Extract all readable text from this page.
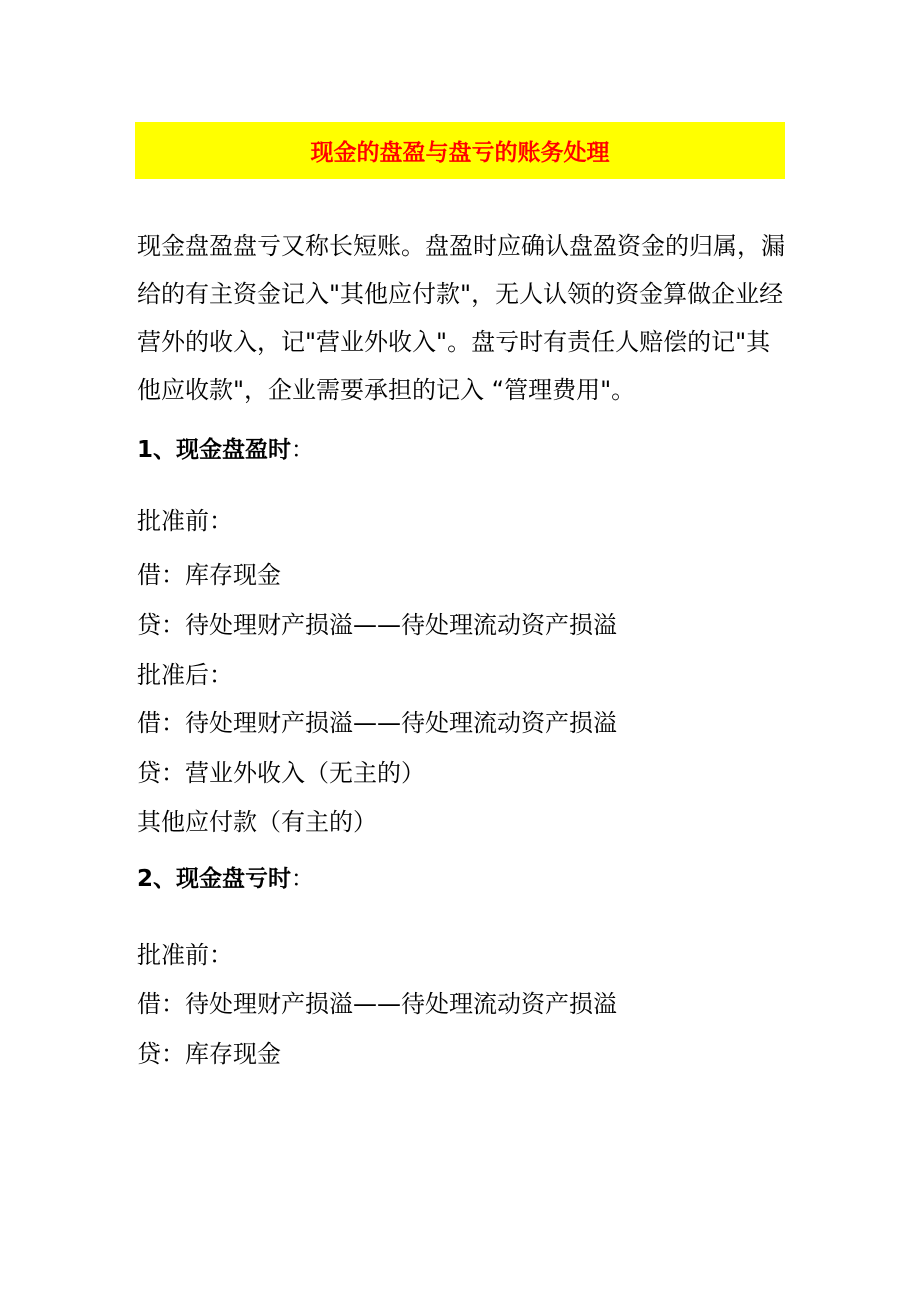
现金的盘盈与盘亏的账务处理

现金盘盈盘亏又称长短账。盘盈时应确认盘盈资金的归属，漏给的有主资金记入"其他应付款"，无人认领的资金算做企业经营外的收入，记"营业外收入"。盘亏时有责任人赔偿的记"其他应收款"，企业需要承担的记入 “管理费用"。

1、现金盘盈时：

批准前：

借：库存现金

贷：待处理财产损溢——待处理流动资产损溢

批准后：

借：待处理财产损溢——待处理流动资产损溢

贷：营业外收入（无主的）

其他应付款（有主的）

2、现金盘亏时：

批准前：

借：待处理财产损溢——待处理流动资产损溢

贷：库存现金
